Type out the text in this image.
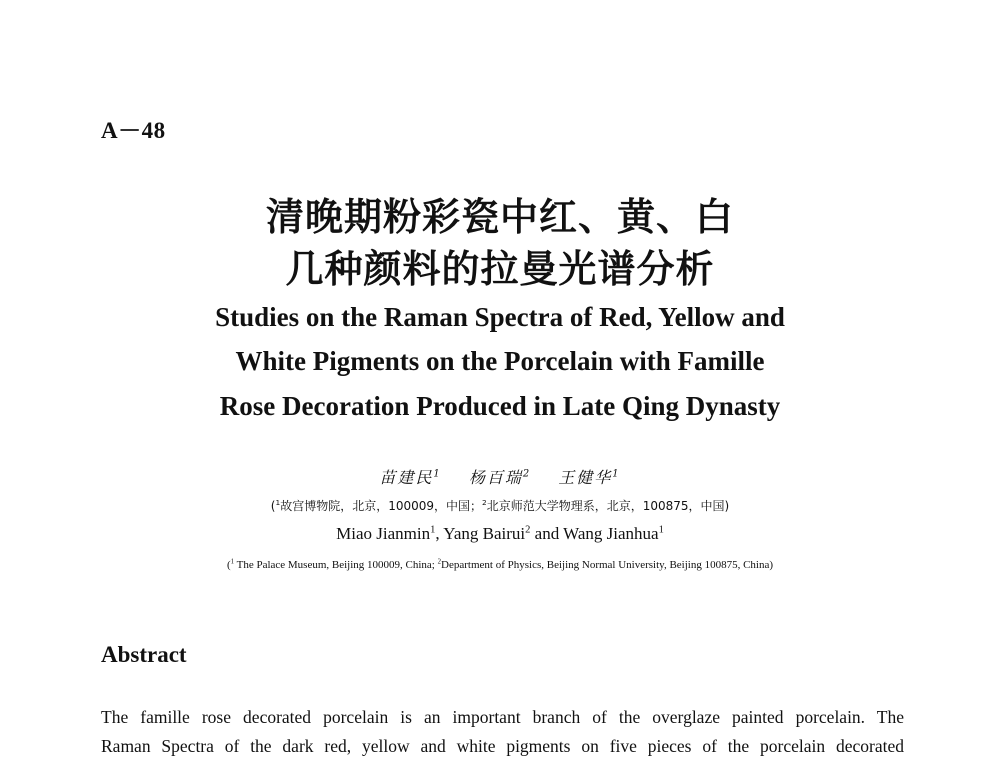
A－48
清晚期粉彩瓷中红、黄、白
几种颜料的拉曼光谱分析
Studies on the Raman Spectra of Red, Yellow and
White Pigments on the Porcelain with Famille
Rose Decoration Produced in Late Qing Dynasty
苗建民$^1$ 杨百瑞$^2$ 王健华$^1$
($^1$故宫博物院，北京，100009，中国；$^2$北京师范大学物理系，北京，100875，中国)
Miao Jianmin$^1$, Yang Bairui$^2$ and Wang Jianhua$^1$
($^1$ The Palace Museum, Beijing 100009, China; $^2$Department of Physics, Beijing Normal University, Beijing 100875, China)
Abstract
The famille rose decorated porcelain is an important branch of the overglaze painted porcelain. The
Raman Spectra of the dark red, yellow and white pigments on five pieces of the porcelain decorated
